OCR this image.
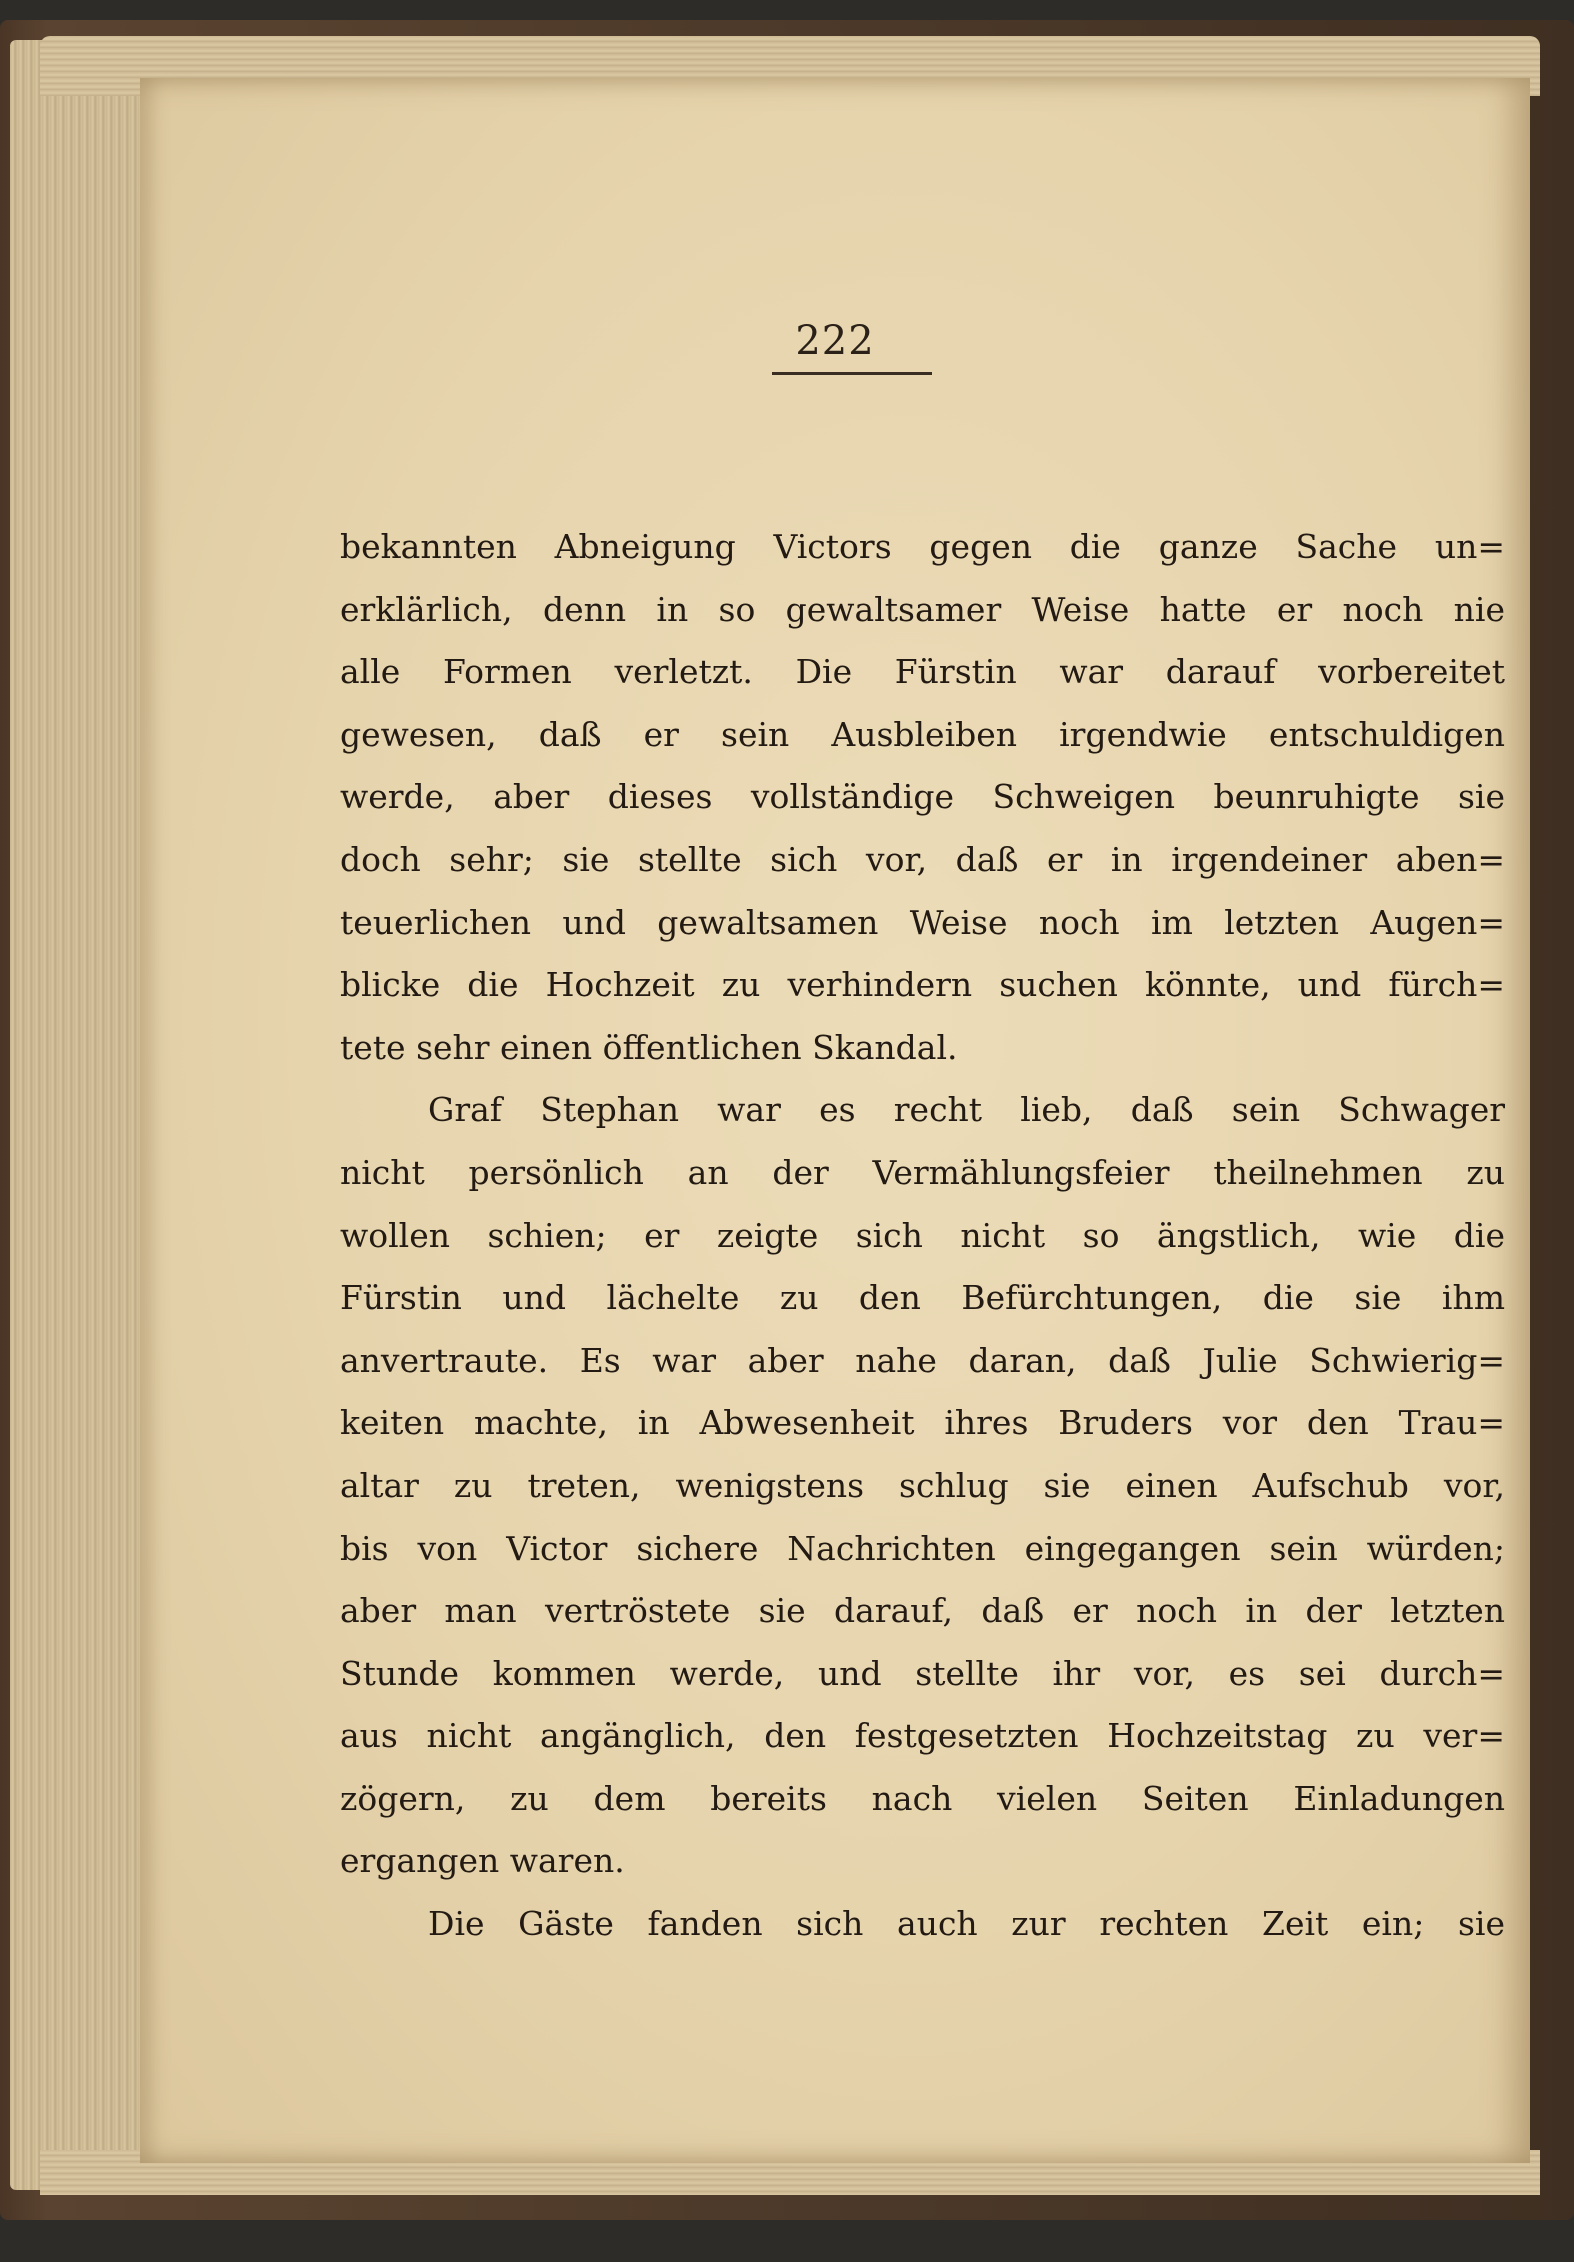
222
bekannten Abneigung Victors gegen die ganze Sache un=
erklärlich, denn in so gewaltsamer Weise hatte er noch nie
alle Formen verletzt. Die Fürstin war darauf vorbereitet
gewesen, daß er sein Ausbleiben irgendwie entschuldigen
werde, aber dieses vollständige Schweigen beunruhigte sie
doch sehr; sie stellte sich vor, daß er in irgendeiner aben=
teuerlichen und gewaltsamen Weise noch im letzten Augen=
blicke die Hochzeit zu verhindern suchen könnte, und fürch=
tete sehr einen öffentlichen Skandal.
Graf Stephan war es recht lieb, daß sein Schwager
nicht persönlich an der Vermählungsfeier theilnehmen zu
wollen schien; er zeigte sich nicht so ängstlich, wie die
Fürstin und lächelte zu den Befürchtungen, die sie ihm
anvertraute. Es war aber nahe daran, daß Julie Schwierig=
keiten machte, in Abwesenheit ihres Bruders vor den Trau=
altar zu treten, wenigstens schlug sie einen Aufschub vor,
bis von Victor sichere Nachrichten eingegangen sein würden;
aber man vertröstete sie darauf, daß er noch in der letzten
Stunde kommen werde, und stellte ihr vor, es sei durch=
aus nicht angänglich, den festgesetzten Hochzeitstag zu ver=
zögern, zu dem bereits nach vielen Seiten Einladungen
ergangen waren.
Die Gäste fanden sich auch zur rechten Zeit ein; sie
